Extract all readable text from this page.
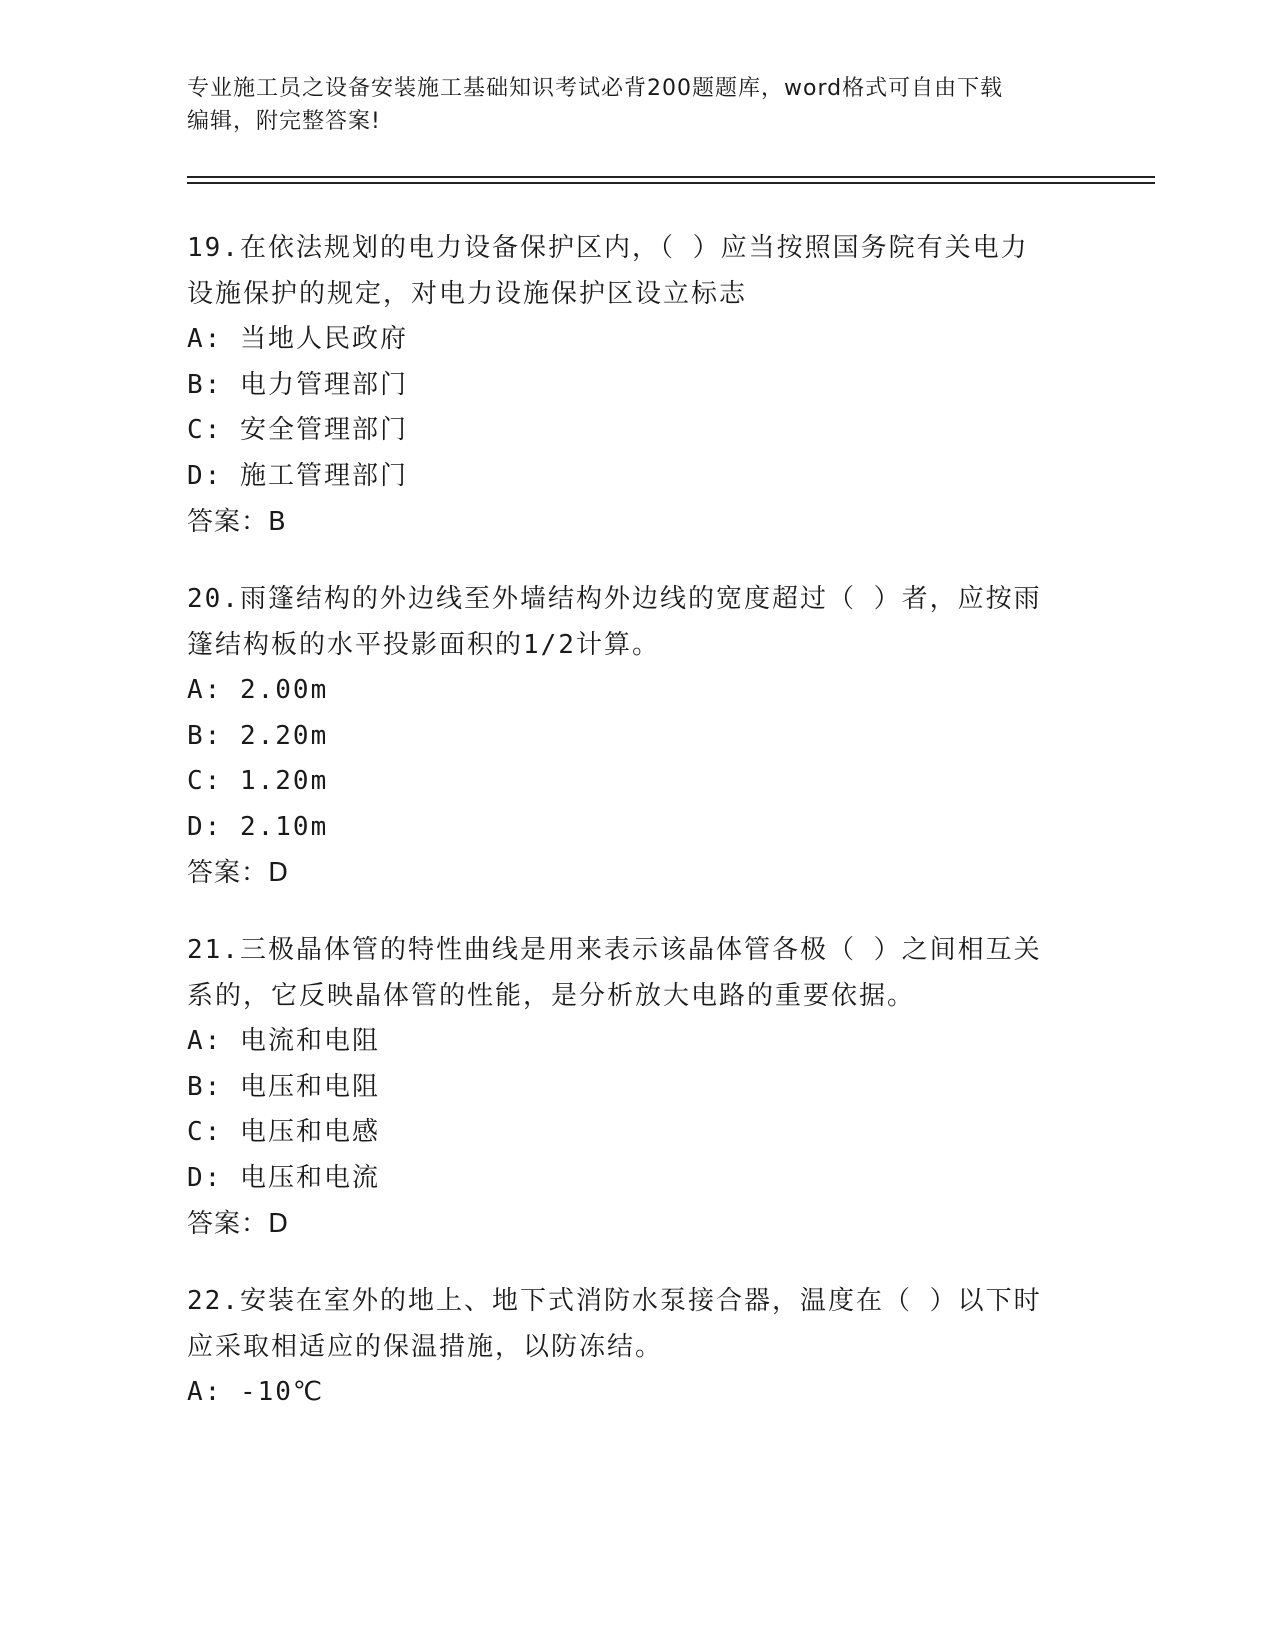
专业施工员之设备安装施工基础知识考试必背200题题库，word格式可自由下载
编辑，附完整答案!
19.在依法规划的电力设备保护区内，（ ）应当按照国务院有关电力
设施保护的规定，对电力设施保护区设立标志
A: 当地人民政府
B: 电力管理部门
C: 安全管理部门
D: 施工管理部门
答案：B
20.雨篷结构的外边线至外墙结构外边线的宽度超过（ ）者，应按雨
篷结构板的水平投影面积的1/2计算。
A: 2.00m
B: 2.20m
C: 1.20m
D: 2.10m
答案：D
21.三极晶体管的特性曲线是用来表示该晶体管各极（ ）之间相互关
系的，它反映晶体管的性能，是分析放大电路的重要依据。
A: 电流和电阻
B: 电压和电阻
C: 电压和电感
D: 电压和电流
答案：D
22.安装在室外的地上、地下式消防水泵接合器，温度在（ ）以下时
应采取相适应的保温措施，以防冻结。
A: -10℃
